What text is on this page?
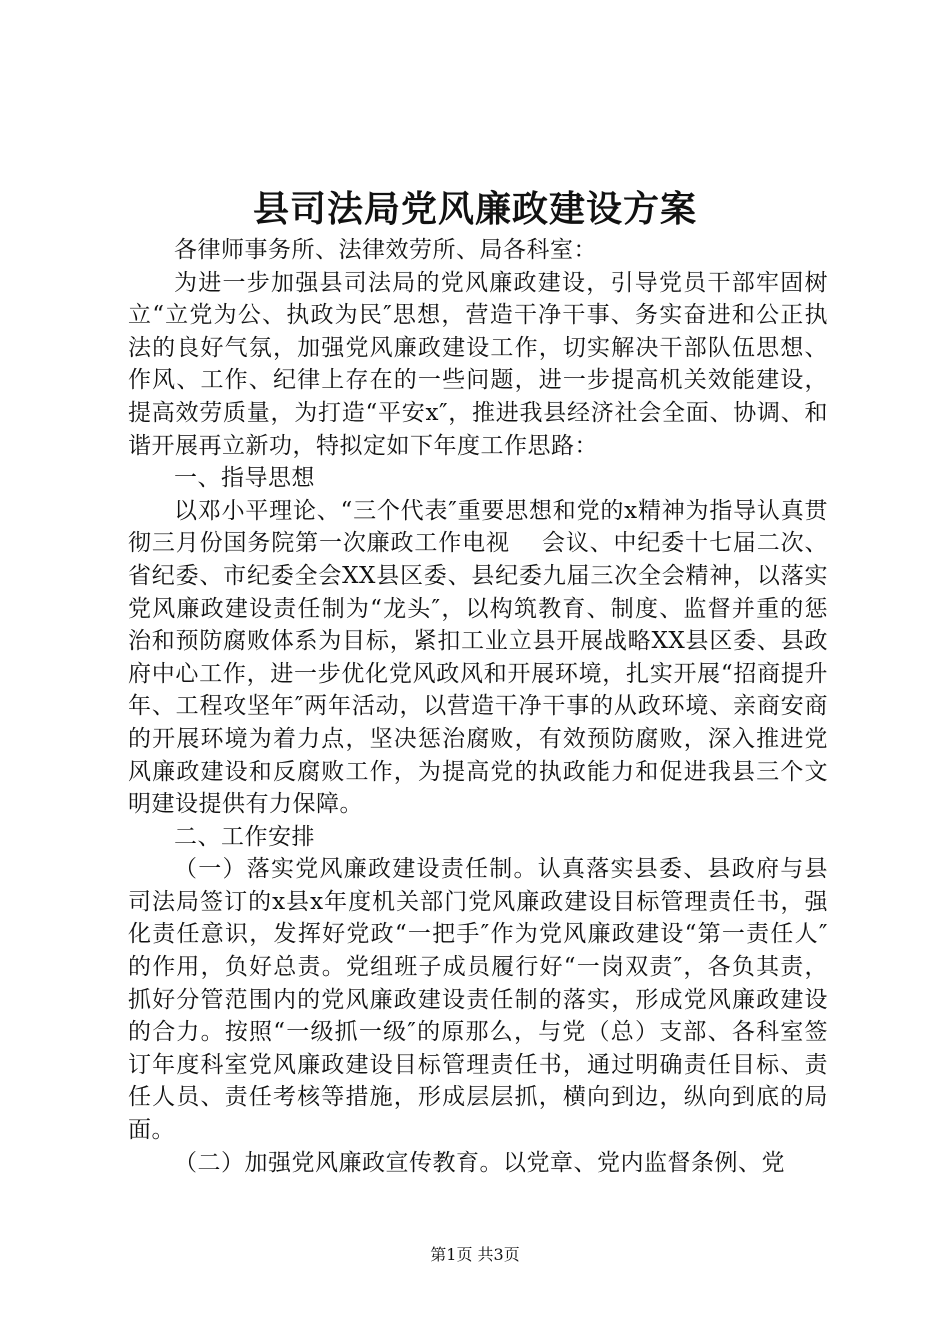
县司法局党风廉政建设方案

各律师事务所、法律效劳所、局各科室：

为进一步加强县司法局的党风廉政建设，引导党员干部牢固树立“立党为公、执政为民″思想，营造干净干事、务实奋进和公正执法的良好气氛，加强党风廉政建设工作，切实解决干部队伍思想、作风、工作、纪律上存在的一些问题，进一步提高机关效能建设，提高效劳质量，为打造“平安x″，推进我县经济社会全面、协调、和谐开展再立新功，特拟定如下年度工作思路：

一、指导思想

以邓小平理论、“三个代表″重要思想和党的x精神为指导认真贯彻三月份国务院第一次廉政工作电视　 会议、中纪委十七届二次、省纪委、市纪委全会XX县区委、县纪委九届三次全会精神，以落实党风廉政建设责任制为“龙头″，以构筑教育、制度、监督并重的惩治和预防腐败体系为目标，紧扣工业立县开展战略XX县区委、县政府中心工作，进一步优化党风政风和开展环境，扎实开展“招商提升年、工程攻坚年″两年活动，以营造干净干事的从政环境、亲商安商的开展环境为着力点，坚决惩治腐败，有效预防腐败，深入推进党风廉政建设和反腐败工作，为提高党的执政能力和促进我县三个文明建设提供有力保障。

二、工作安排

（一）落实党风廉政建设责任制。认真落实县委、县政府与县司法局签订的x县x年度机关部门党风廉政建设目标管理责任书，强化责任意识，发挥好党政“一把手″作为党风廉政建设“第一责任人″的作用，负好总责。党组班子成员履行好“一岗双责″，各负其责，抓好分管范围内的党风廉政建设责任制的落实，形成党风廉政建设的合力。按照“一级抓一级″的原那么，与党（总）支部、各科室签订年度科室党风廉政建设目标管理责任书，通过明确责任目标、责任人员、责任考核等措施，形成层层抓，横向到边，纵向到底的局面。

（二）加强党风廉政宣传教育。以党章、党内监督条例、党

第1页 共3页
